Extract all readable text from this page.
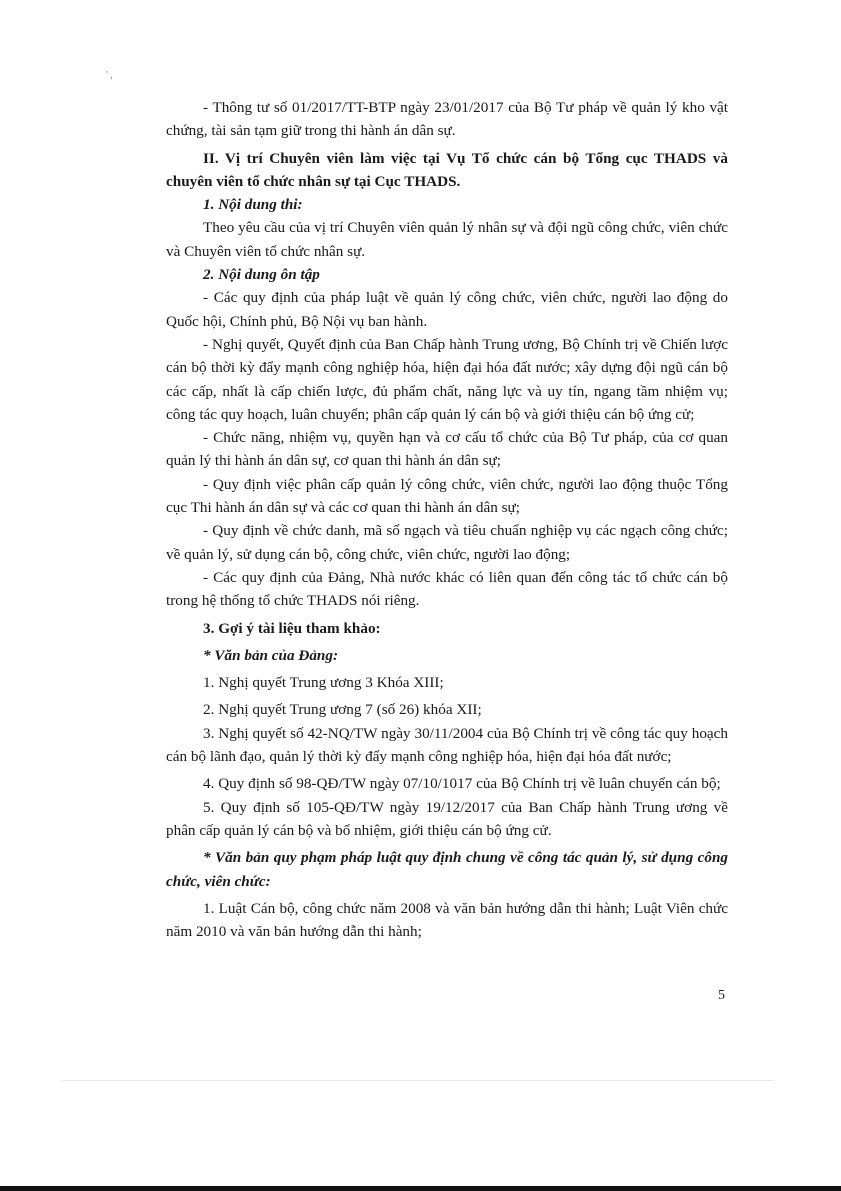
' ,

- Thông tư số 01/2017/TT-BTP ngày 23/01/2017 của Bộ Tư pháp về quản lý kho vật chứng, tài sản tạm giữ trong thi hành án dân sự.

II. Vị trí Chuyên viên làm việc tại Vụ Tổ chức cán bộ Tổng cục THADS và chuyên viên tổ chức nhân sự tại Cục THADS.

1. Nội dung thi:

Theo yêu cầu của vị trí Chuyên viên quản lý nhân sự và đội ngũ công chức, viên chức và Chuyên viên tổ chức nhân sự.

2. Nội dung ôn tập

- Các quy định của pháp luật về quản lý công chức, viên chức, người lao động do Quốc hội, Chính phủ, Bộ Nội vụ ban hành.

- Nghị quyết, Quyết định của Ban Chấp hành Trung ương, Bộ Chính trị về Chiến lược cán bộ thời kỳ đẩy mạnh công nghiệp hóa, hiện đại hóa đất nước; xây dựng đội ngũ cán bộ các cấp, nhất là cấp chiến lược, đủ phẩm chất, năng lực và uy tín, ngang tầm nhiệm vụ; công tác quy hoạch, luân chuyển; phân cấp quản lý cán bộ và giới thiệu cán bộ ứng cử;

- Chức năng, nhiệm vụ, quyền hạn và cơ cấu tổ chức của Bộ Tư pháp, của cơ quan quản lý thi hành án dân sự, cơ quan thi hành án dân sự;

- Quy định việc phân cấp quản lý công chức, viên chức, người lao động thuộc Tổng cục Thi hành án dân sự và các cơ quan thi hành án dân sự;

- Quy định về chức danh, mã số ngạch và tiêu chuẩn nghiệp vụ các ngạch công chức; về quản lý, sử dụng cán bộ, công chức, viên chức, người lao động;

- Các quy định của Đảng, Nhà nước khác có liên quan đến công tác tổ chức cán bộ trong hệ thống tổ chức THADS nói riêng.

3. Gợi ý tài liệu tham khảo:

* Văn bản của Đảng:

1. Nghị quyết Trung ương 3 Khóa XIII;

2. Nghị quyết Trung ương 7 (số 26) khóa XII;

3. Nghị quyết số 42-NQ/TW ngày 30/11/2004 của Bộ Chính trị về công tác quy hoạch cán bộ lãnh đạo, quản lý thời kỳ đẩy mạnh công nghiệp hóa, hiện đại hóa đất nước;

4. Quy định số 98-QĐ/TW ngày 07/10/1017 của Bộ Chính trị về luân chuyển cán bộ;

5. Quy định số 105-QĐ/TW ngày 19/12/2017 của Ban Chấp hành Trung ương về phân cấp quản lý cán bộ và bổ nhiệm, giới thiệu cán bộ ứng cử.

* Văn bản quy phạm pháp luật quy định chung về công tác quản lý, sử dụng công chức, viên chức:

1. Luật Cán bộ, công chức năm 2008 và văn bản hướng dẫn thi hành; Luật Viên chức năm 2010 và văn bản hướng dẫn thi hành;

5
